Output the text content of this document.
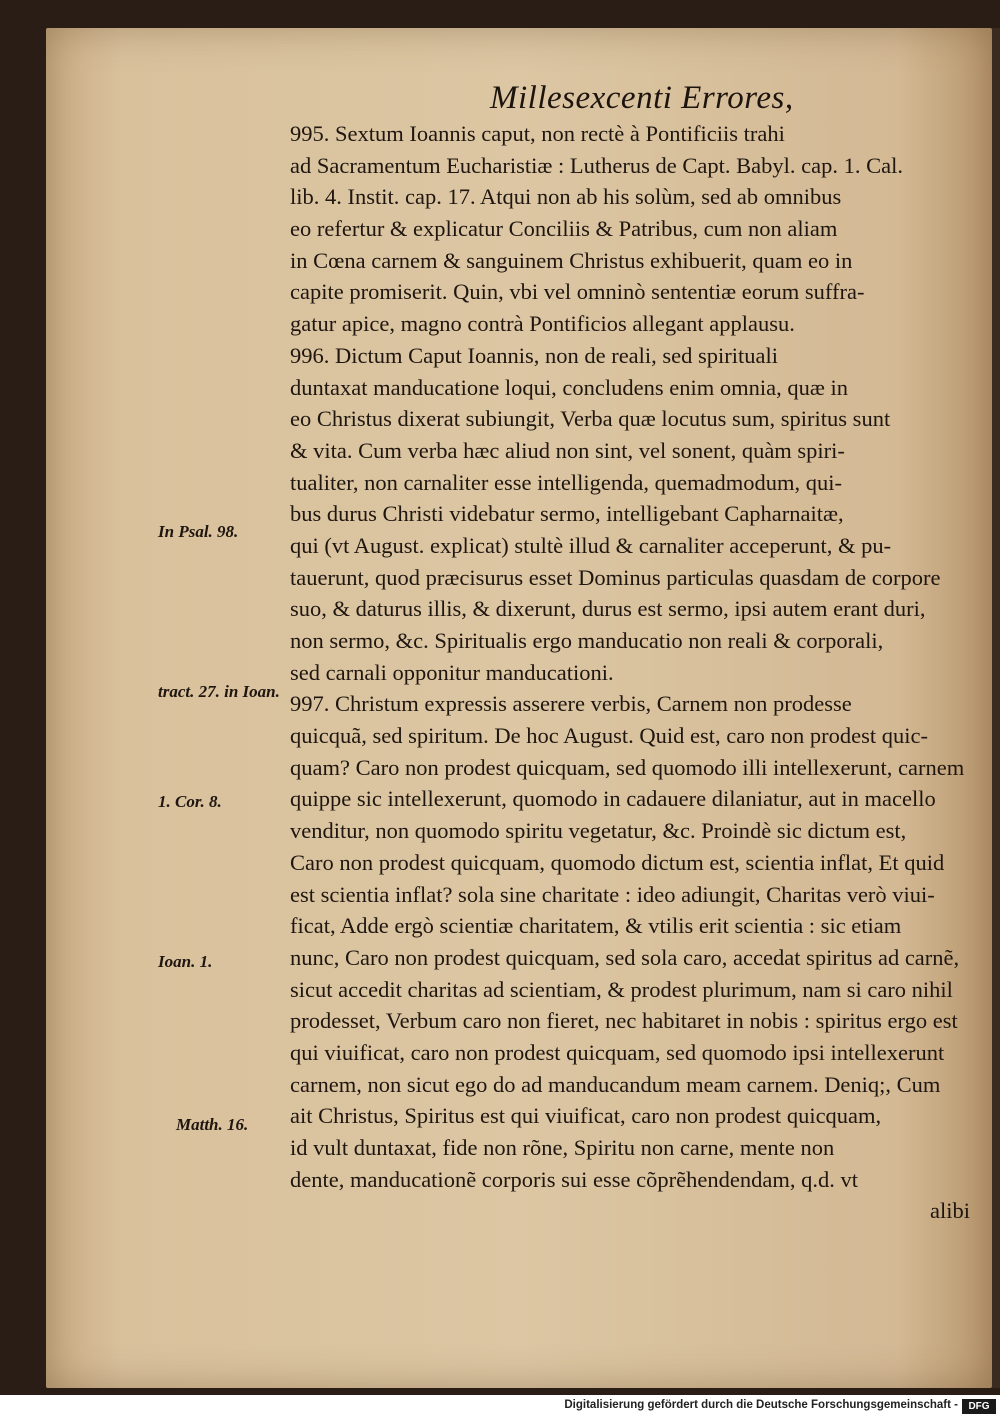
Millesexcenti Errores,
995. Sextum Ioannis caput, non rectè à Pontificiis trahi
ad Sacramentum Eucharistiæ : Lutherus de Capt. Babyl. cap. 1. Cal.
lib. 4. Instit. cap. 17. Atqui non ab his solùm, sed ab omnibus
eo refertur & explicatur Conciliis & Patribus, cum non aliam
in Cœna carnem & sanguinem Christus exhibuerit, quam eo in
capite promiserit. Quin, vbi vel omninò sententiæ eorum suffra-
gatur apice, magno contrà Pontificios allegant applausu.
996. Dictum Caput Ioannis, non de reali, sed spirituali
duntaxat manducatione loqui, concludens enim omnia, quæ in
eo Christus dixerat subiungit, Verba quæ locutus sum, spiritus sunt
& vita. Cum verba hæc aliud non sint, vel sonent, quàm spiri-
tualiter, non carnaliter esse intelligenda, quemadmodum, qui-
bus durus Christi videbatur sermo, intelligebant Capharnaitæ,
qui (vt August. explicat) stultè illud & carnaliter acceperunt, & pu-
tauerunt, quod præcisurus esset Dominus particulas quasdam de corpore
suo, & daturus illis, & dixerunt, durus est sermo, ipsi autem erant duri,
non sermo, &c. Spiritualis ergo manducatio non reali & corporali,
sed carnali opponitur manducationi.
997. Christum expressis asserere verbis, Carnem non prodesse
quicquã, sed spiritum. De hoc August. Quid est, caro non prodest quic-
quam? Caro non prodest quicquam, sed quomodo illi intellexerunt, carnem
quippe sic intellexerunt, quomodo in cadauere dilaniatur, aut in macello
venditur, non quomodo spiritu vegetatur, &c. Proindè sic dictum est,
Caro non prodest quicquam, quomodo dictum est, scientia inflat, Et quid
est scientia inflat? sola sine charitate : ideo adiungit, Charitas verò viui-
ficat, Adde ergò scientiæ charitatem, & vtilis erit scientia : sic etiam
nunc, Caro non prodest quicquam, sed sola caro, accedat spiritus ad carnẽ,
sicut accedit charitas ad scientiam, & prodest plurimum, nam si caro nihil
prodesset, Verbum caro non fieret, nec habitaret in nobis : spiritus ergo est
qui viuificat, caro non prodest quicquam, sed quomodo ipsi intellexerunt
carnem, non sicut ego do ad manducandum meam carnem. Deniq;, Cum
ait Christus, Spiritus est qui viuificat, caro non prodest quicquam,
id vult duntaxat, fide non rõne, Spiritu non carne, mente non
dente, manducationẽ corporis sui esse cõprẽhendendam, q.d. vt
alibi
In Psal. 98.
tract. 27. in Ioan.
1. Cor. 8.
Ioan. 1.
Matth. 16.
Digitalisierung gefördert durch die Deutsche Forschungsgemeinschaft -	DFG
